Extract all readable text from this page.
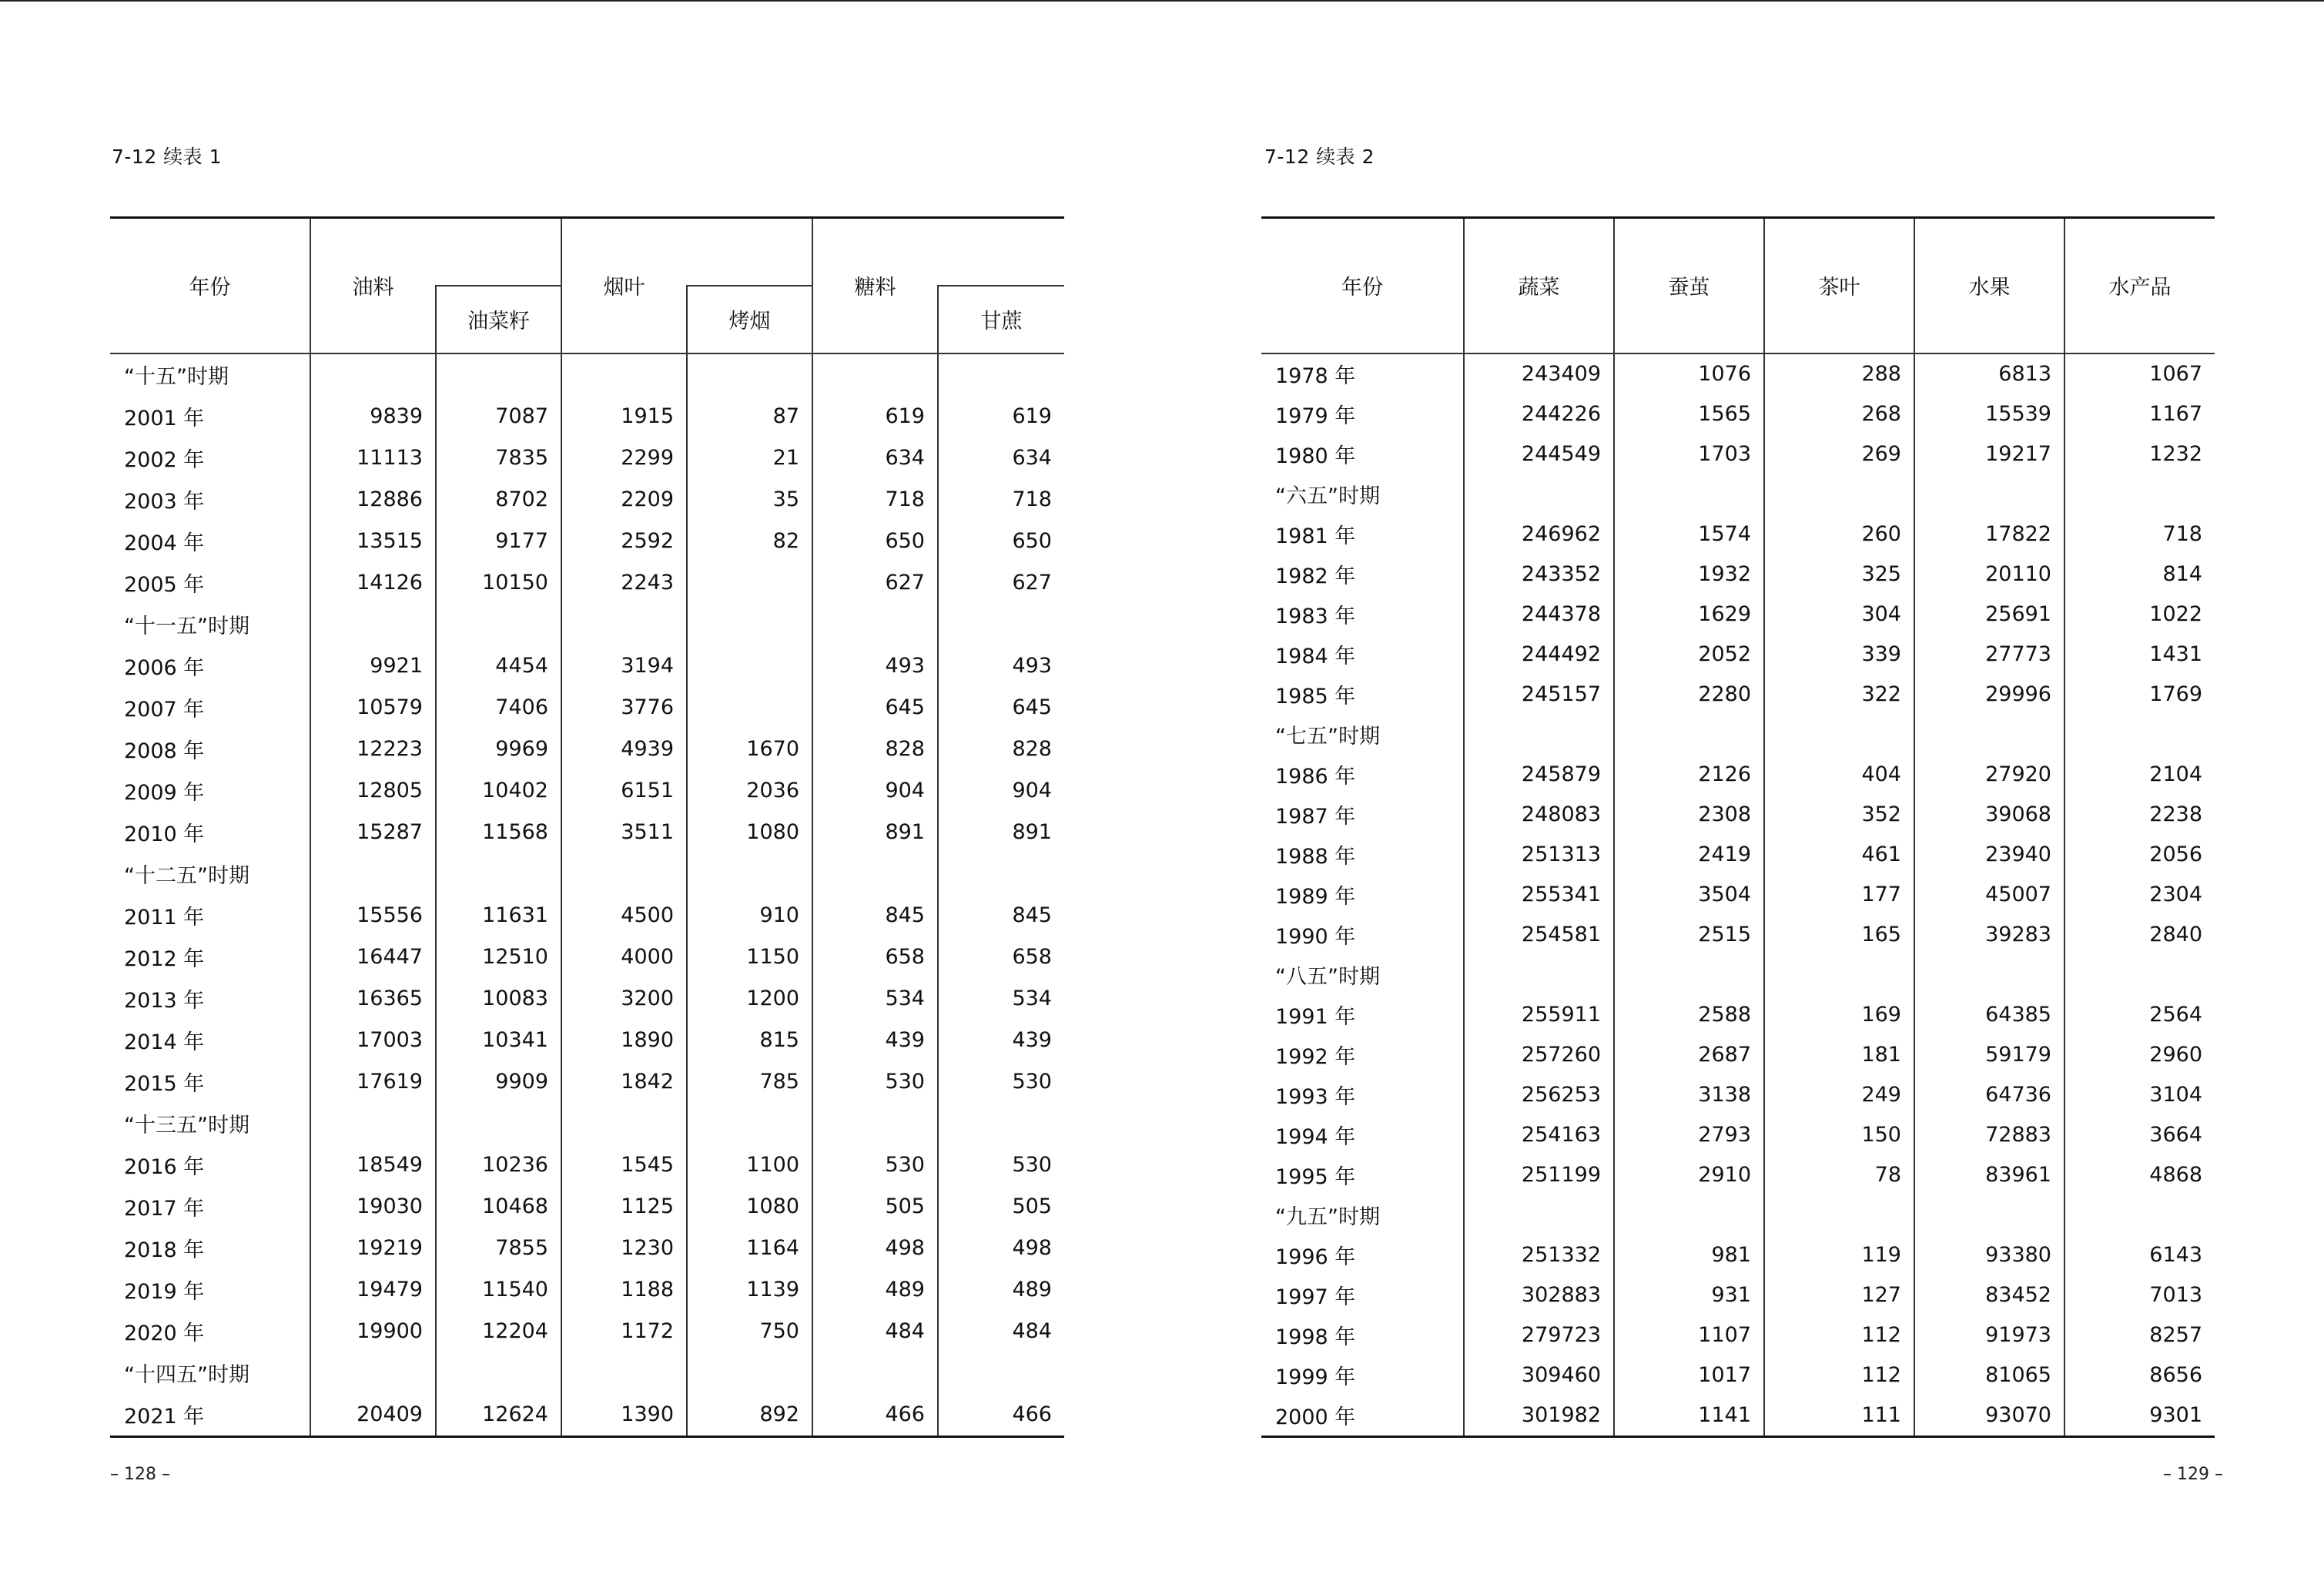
7-12 续表 1
年份	油料		烟叶		糖料	
		油菜籽		烤烟		甘蔗
“十五”时期						
2001 年	9839	7087	1915	87	619	619
2002 年	11113	7835	2299	21	634	634
2003 年	12886	8702	2209	35	718	718
2004 年	13515	9177	2592	82	650	650
2005 年	14126	10150	2243		627	627
“十一五”时期						
2006 年	9921	4454	3194		493	493
2007 年	10579	7406	3776		645	645
2008 年	12223	9969	4939	1670	828	828
2009 年	12805	10402	6151	2036	904	904
2010 年	15287	11568	3511	1080	891	891
“十二五”时期						
2011 年	15556	11631	4500	910	845	845
2012 年	16447	12510	4000	1150	658	658
2013 年	16365	10083	3200	1200	534	534
2014 年	17003	10341	1890	815	439	439
2015 年	17619	9909	1842	785	530	530
“十三五”时期						
2016 年	18549	10236	1545	1100	530	530
2017 年	19030	10468	1125	1080	505	505
2018 年	19219	7855	1230	1164	498	498
2019 年	19479	11540	1188	1139	489	489
2020 年	19900	12204	1172	750	484	484
“十四五”时期						
2021 年	20409	12624	1390	892	466	466
– 128 –
7-12 续表 2
年份	蔬菜	蚕茧	茶叶	水果	水产品
1978 年	243409	1076	288	6813	1067
1979 年	244226	1565	268	15539	1167
1980 年	244549	1703	269	19217	1232
“六五”时期					
1981 年	246962	1574	260	17822	718
1982 年	243352	1932	325	20110	814
1983 年	244378	1629	304	25691	1022
1984 年	244492	2052	339	27773	1431
1985 年	245157	2280	322	29996	1769
“七五”时期					
1986 年	245879	2126	404	27920	2104
1987 年	248083	2308	352	39068	2238
1988 年	251313	2419	461	23940	2056
1989 年	255341	3504	177	45007	2304
1990 年	254581	2515	165	39283	2840
“八五”时期					
1991 年	255911	2588	169	64385	2564
1992 年	257260	2687	181	59179	2960
1993 年	256253	3138	249	64736	3104
1994 年	254163	2793	150	72883	3664
1995 年	251199	2910	78	83961	4868
“九五”时期					
1996 年	251332	981	119	93380	6143
1997 年	302883	931	127	83452	7013
1998 年	279723	1107	112	91973	8257
1999 年	309460	1017	112	81065	8656
2000 年	301982	1141	111	93070	9301
– 129 –
